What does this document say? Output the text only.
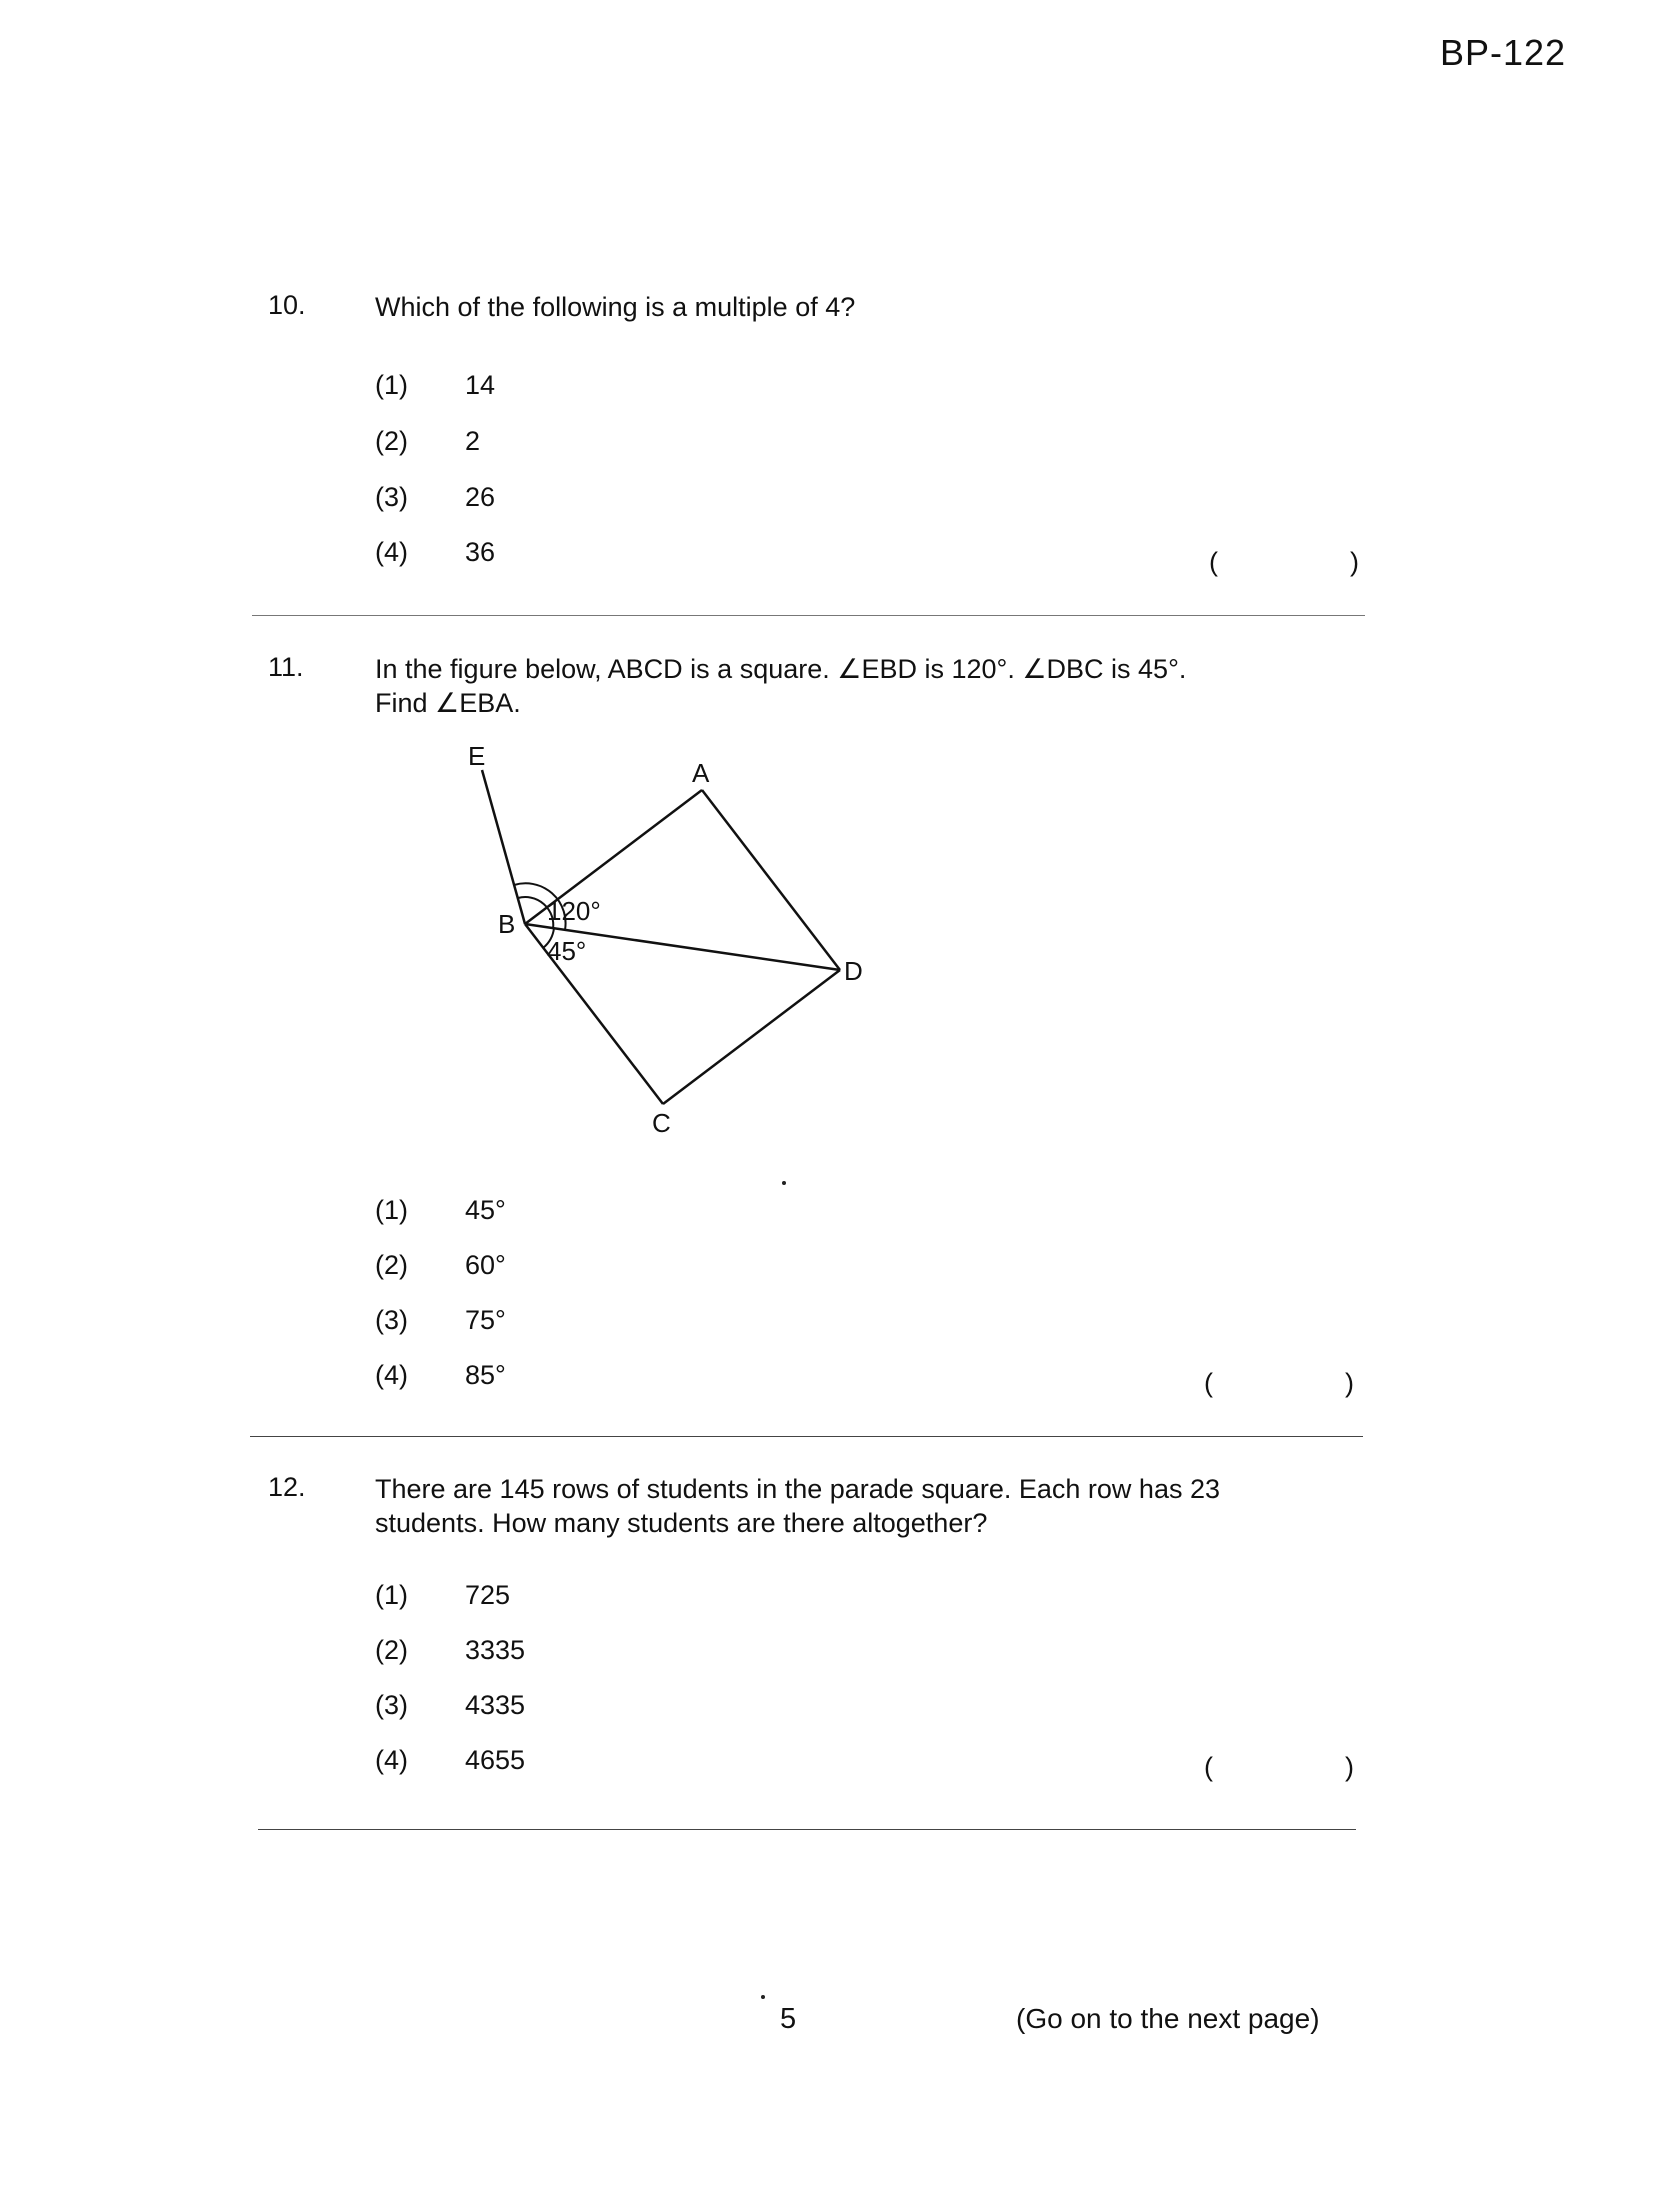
BP-122
10.	Which of the following is a multiple of 4?
(1)	14
(2)	2
(3)	26
(4)	36	(	)
11.	In the figure below, ABCD is a square. ∠EBD is 120°. ∠DBC is 45°.
Find ∠EBA.
E
A
B
D
C
120°
45°
(1)	45°
(2)	60°
(3)	75°
(4)	85°	(	)
12.	There are 145 rows of students in the parade square. Each row has 23
students. How many students are there altogether?
(1)	725
(2)	3335
(3)	4335
(4)	4655	(	)
5	(Go on to the next page)
